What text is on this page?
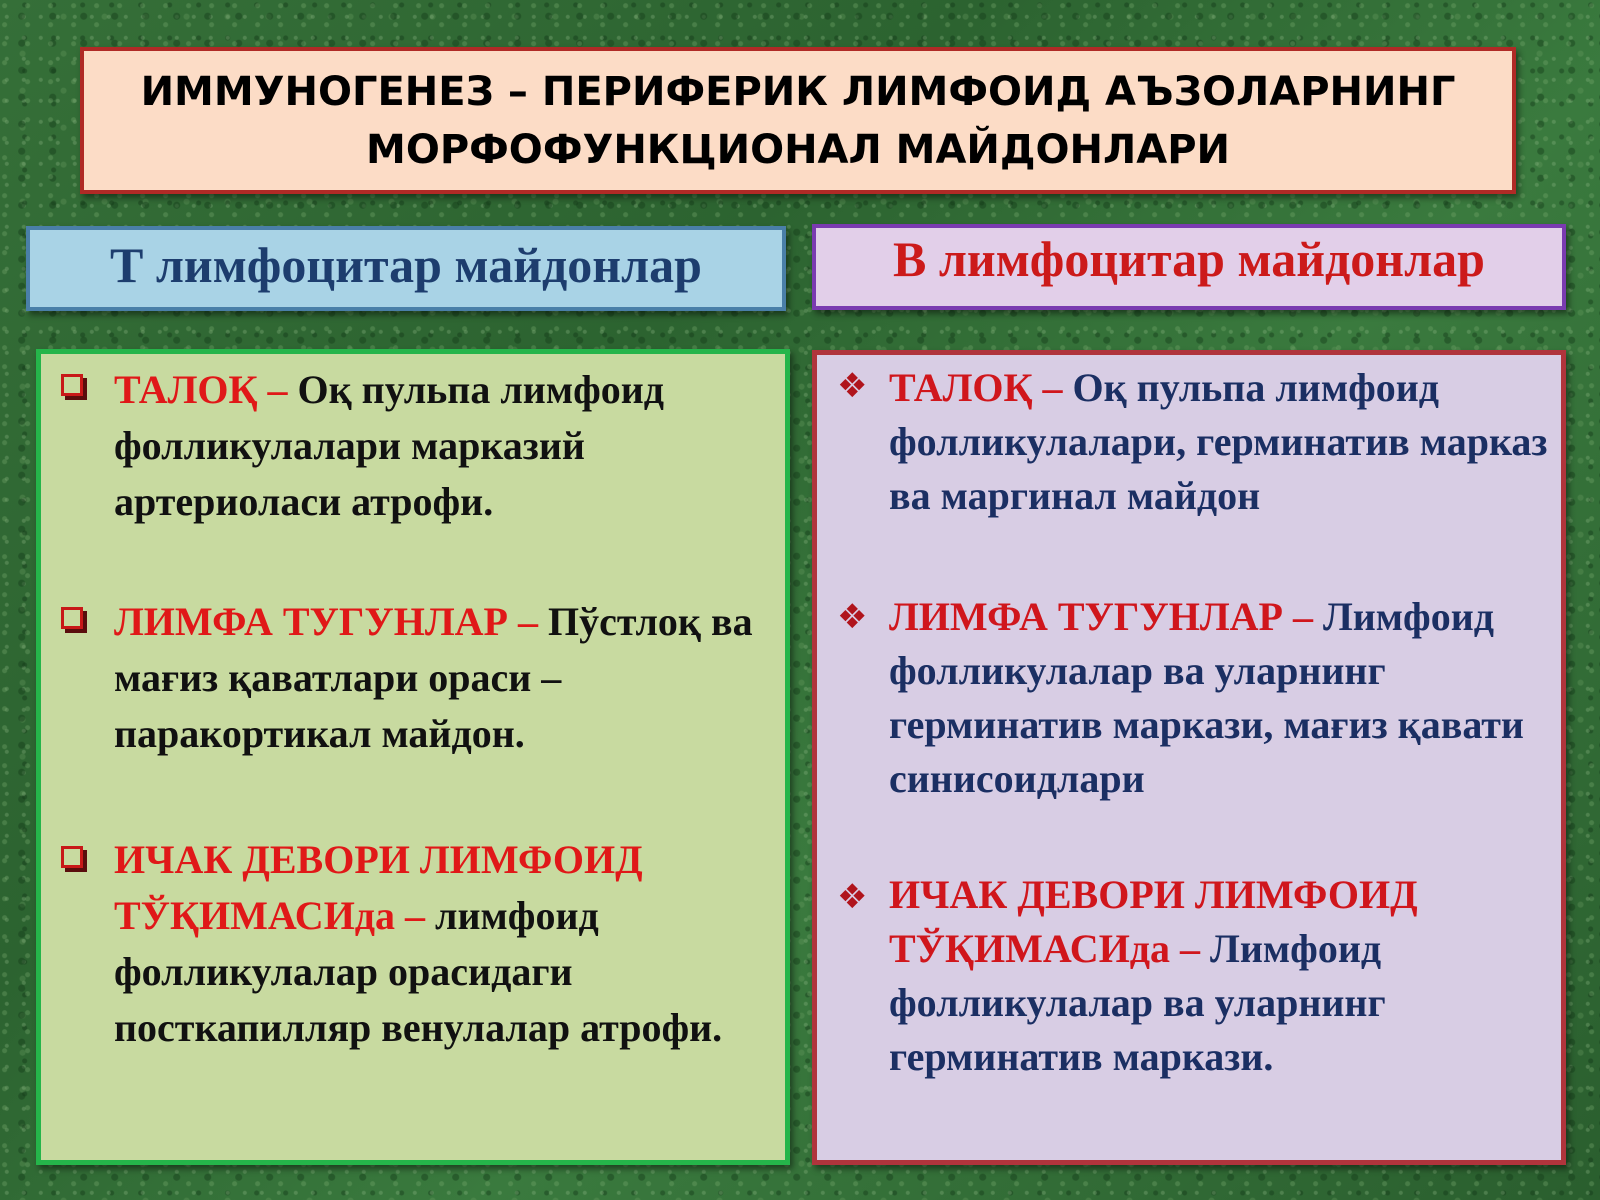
ИММУНОГЕНЕЗ – ПЕРИФЕРИК ЛИМФОИД АЪЗОЛАРНИНГ
МОРФОФУНКЦИОНАЛ МАЙДОНЛАРИ

Т лимфоцитар майдонлар	В лимфоцитар майдонлар

ТАЛОҚ – Оқ пульпа лимфоид фолликулалари марказий артериоласи атрофи.
ЛИМФА ТУГУНЛАР – Пўстлоқ ва мағиз қаватлари ораси – паракортикал майдон.
ИЧАК ДЕВОРИ ЛИМФОИД ТЎҚИМАСИда – лимфоид фолликулалар орасидаги посткапилляр венулалар атрофи.
❖ ТАЛОҚ – Оқ пульпа лимфоид фолликулалари, герминатив марказ ва маргинал майдон
❖ ЛИМФА ТУГУНЛАР – Лимфоид фолликулалар ва уларнинг герминатив маркази, мағиз қавати синисоидлари
❖ ИЧАК ДЕВОРИ ЛИМФОИД ТЎҚИМАСИда – Лимфоид фолликулалар ва уларнинг герминатив маркази.
